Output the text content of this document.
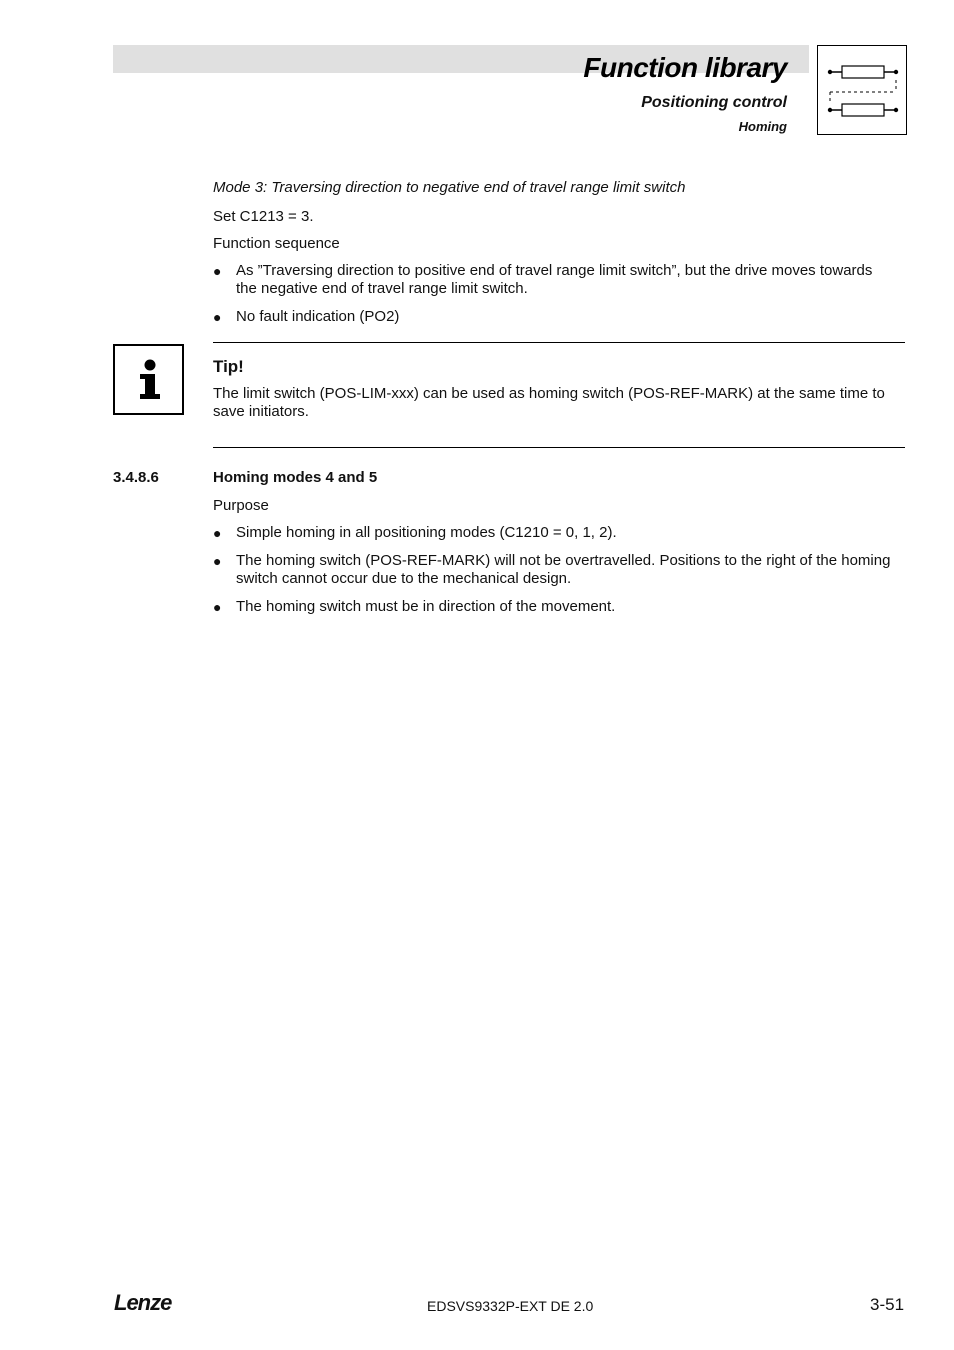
Function library
Positioning control
Homing
Mode 3: Traversing direction to negative end of travel range limit switch
Set C1213 = 3.
Function sequence
● As ”Traversing direction to positive end of travel range limit switch”, but the drive moves towards the negative end of travel range limit switch.
● No fault indication (PO2)
Tip!
The limit switch (POS-LIM-xxx) can be used as homing switch (POS-REF-MARK) at the same time to save initiators.
3.4.8.6	Homing modes 4 and 5
Purpose
● Simple homing in all positioning modes (C1210 = 0, 1, 2).
● The homing switch (POS-REF-MARK) will not be overtravelled. Positions to the right of the homing switch cannot occur due to the mechanical design.
● The homing switch must be in direction of the movement.
Lenze	EDSVS9332P-EXT DE 2.0	3-51
